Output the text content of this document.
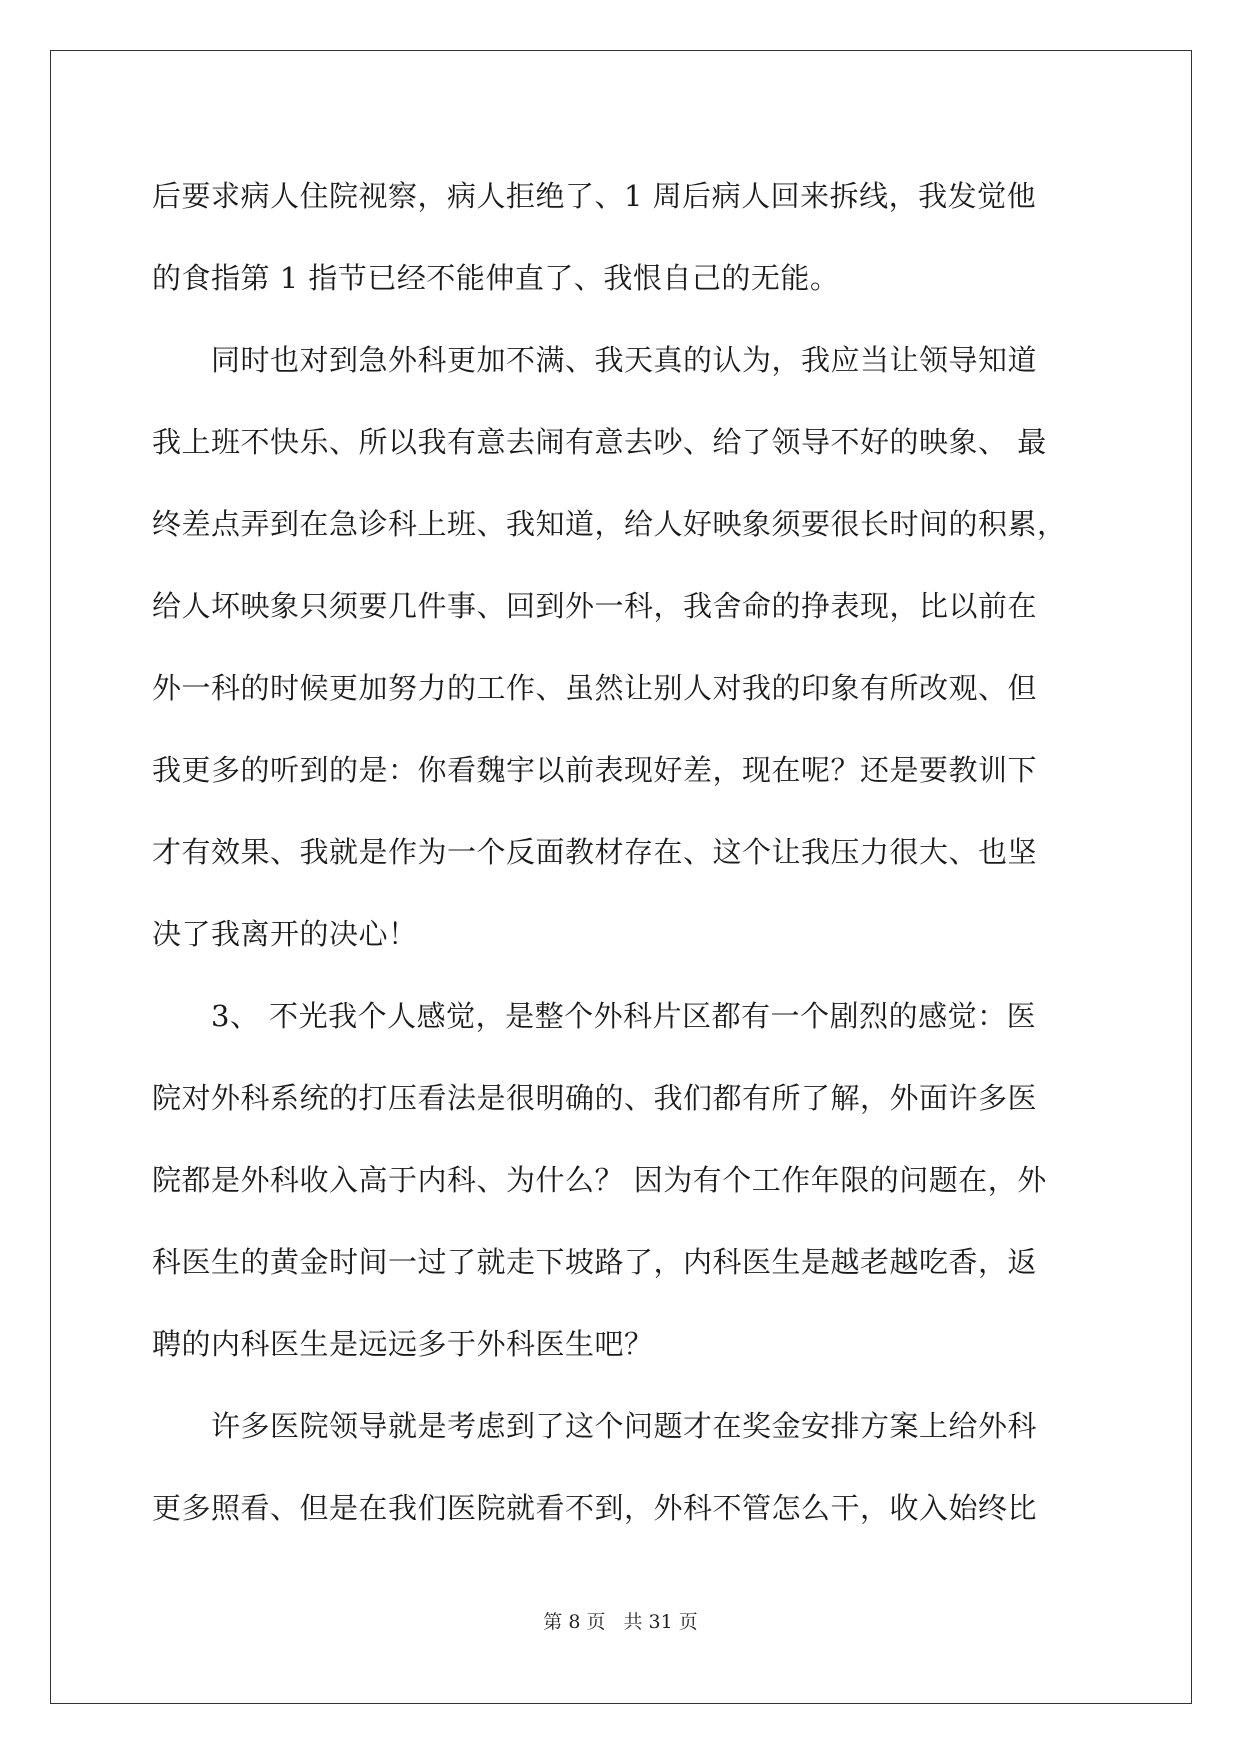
后要求病人住院视察，病人拒绝了、1 周后病人回来拆线，我发觉他
的食指第 1 指节已经不能伸直了、我恨自己的无能。
　　同时也对到急外科更加不满、我天真的认为，我应当让领导知道
我上班不快乐、所以我有意去闹有意去吵、给了领导不好的映象、 最
终差点弄到在急诊科上班、我知道，给人好映象须要很长时间的积累，
给人坏映象只须要几件事、回到外一科，我舍命的挣表现，比以前在
外一科的时候更加努力的工作、虽然让别人对我的印象有所改观、但
我更多的听到的是：你看魏宇以前表现好差，现在呢？还是要教训下
才有效果、我就是作为一个反面教材存在、这个让我压力很大、也坚
决了我离开的决心！
　　3、 不光我个人感觉，是整个外科片区都有一个剧烈的感觉：医
院对外科系统的打压看法是很明确的、我们都有所了解，外面许多医
院都是外科收入高于内科、为什么？ 因为有个工作年限的问题在，外
科医生的黄金时间一过了就走下坡路了，内科医生是越老越吃香，返
聘的内科医生是远远多于外科医生吧？
　　许多医院领导就是考虑到了这个问题才在奖金安排方案上给外科
更多照看、但是在我们医院就看不到，外科不管怎么干，收入始终比
第 8 页 共 31 页
